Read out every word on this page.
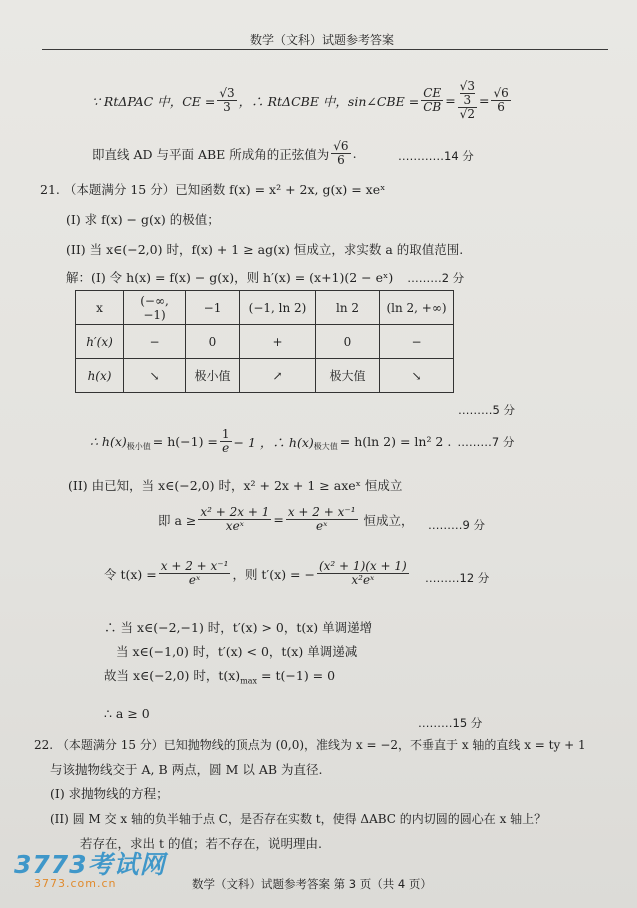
数学（文科）试题参考答案
∵ RtΔPAC 中，CE = $\frac{√3}{3}$ ，∴ RtΔCBE 中，sin∠CBE = $\frac{CE}{CB} = √3$
3
$√2 = \frac{√6}{6}$
即直线 AD 与平面 ABE 所成角的正弦值为 $\frac{√6}{6}$ .	…………14 分
21. （本题满分 15 分）已知函数 f(x) = x² + 2x, g(x) = xeˣ
(I) 求 f(x) − g(x) 的极值；
(II) 当 x∈(−2,0) 时，f(x) + 1 ≥ ag(x) 恒成立，求实数 a 的取值范围.
解：(I) 令 h(x) = f(x) − g(x)，则 h′(x) = (x+1)(2 − eˣ) ………2 分
x	(−∞,−1)	−1	(−1, ln 2)	ln 2	(ln 2, +∞)
h′(x)	−	0	+	0	−
h(x)	↘	极小值	↗	极大值	↘
………5 分
∴ h(x) 极小值 = $h(-1) = \frac{1}{e} - 1$ ，∴ h(x) 极大值 = h(ln 2) = ln² 2 . ………7 分
(II) 由已知，当 x∈(−2,0) 时，x² + 2x + 1 ≥ axeˣ 恒成立
即 $a \ge \frac{\text{x² + 2x + 1}}{\text{xeˣ}} = \frac{\text{x + 2 + x⁻¹}}{\text{eˣ}}$ 恒成立， ………9 分
令 $t(x) = \frac{\text{x + 2 + x⁻¹}}{\text{eˣ}}$ ，则 t′(x) = − $\frac{\text{(x² + 1)(x + 1)}}{\text{x²eˣ}}$ ………12 分
∴ 当 x∈(−2,−1) 时，t′(x) > 0，t(x) 单调递增
当 x∈(−1,0) 时，t′(x) < 0，t(x) 单调递减
故当 x∈(−2,0) 时，$t(x)_{max} = t(-1) = 0$
∴ a ≥ 0
………15 分
22. （本题满分 15 分）已知抛物线的顶点为 (0,0)，准线为 x = −2，不垂直于 x 轴的直线 x = ty + 1
与该抛物线交于 A, B 两点，圆 M 以 AB 为直径.
(I) 求抛物线的方程；
(II) 圆 M 交 x 轴的负半轴于点 C，是否存在实数 t，使得 ΔABC 的内切圆的圆心在 x 轴上？
若存在，求出 t 的值；若不存在，说明理由.
数学（文科）试题参考答案 第 3 页（共 4 页）
3773考试网
3773.com.cn
